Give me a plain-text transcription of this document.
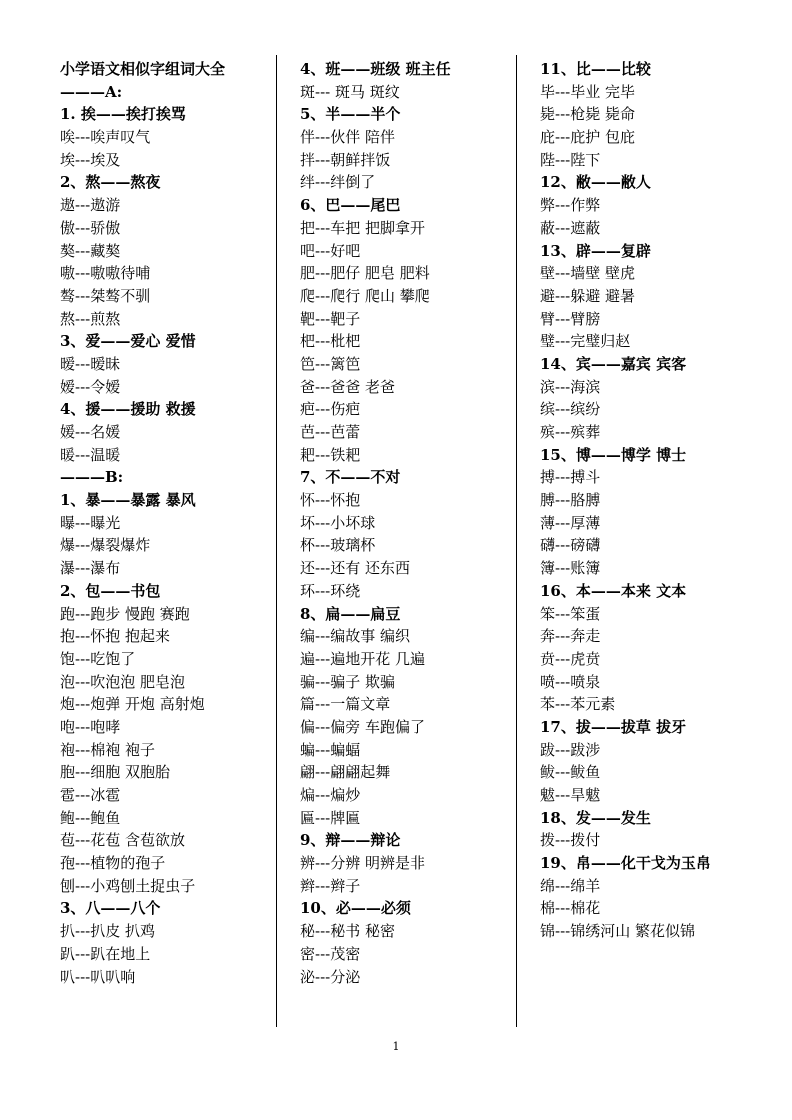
小学语文相似字组词大全
———A:
1. 挨——挨打挨骂
唉---唉声叹气
埃---埃及
2、熬——熬夜
遨---遨游
傲---骄傲
獒---藏獒
嗷---嗷嗷待哺
骜---桀骜不驯
熬---煎熬
3、爱——爱心 爱惜
暧---暧昧
嫒---令嫒
4、援——援助 救援
媛---名媛
暖---温暖
———B:
1、暴——暴露 暴风
曝---曝光
爆---爆裂爆炸
瀑---瀑布
2、包——书包
跑---跑步 慢跑 赛跑
抱---怀抱 抱起来
饱---吃饱了
泡---吹泡泡 肥皂泡
炮---炮弹 开炮 高射炮
咆---咆哮
袍---棉袍 袍子
胞---细胞 双胞胎
雹---冰雹
鲍---鲍鱼
苞---花苞 含苞欲放
孢---植物的孢子
刨---小鸡刨土捉虫子
3、八——八个
扒---扒皮 扒鸡
趴---趴在地上
叭---叭叭响
4、班——班级 班主任
斑--- 斑马 斑纹
5、半——半个
伴---伙伴 陪伴
拌---朝鲜拌饭
绊---绊倒了
6、巴——尾巴
把---车把 把脚拿开
吧---好吧
肥---肥仔 肥皂 肥料
爬---爬行 爬山 攀爬
靶---靶子
杷---枇杷
笆---篱笆
爸---爸爸 老爸
疤---伤疤
芭---芭蕾
耙---铁耙
7、不——不对
怀---怀抱
坏---小坏球
杯---玻璃杯
还---还有 还东西
环---环绕
8、扁——扁豆
编---编故事 编织
遍---遍地开花 几遍
骗---骗子 欺骗
篇---一篇文章
偏---偏旁 车跑偏了
蝙---蝙蝠
翩---翩翩起舞
煸---煸炒
匾---牌匾
9、辩——辩论
辨---分辨 明辨是非
辫---辫子
10、必——必须
秘---秘书 秘密
密---茂密
泌---分泌
11、比——比较
毕---毕业 完毕
毙---枪毙 毙命
庇---庇护 包庇
陛---陛下
12、敝——敝人
弊---作弊
蔽---遮蔽
13、辟——复辟
壁---墙壁 壁虎
避---躲避 避暑
臂---臂膀
璧---完璧归赵
14、宾——嘉宾 宾客
滨---海滨
缤---缤纷
殡---殡葬
15、博——博学 博士
搏---搏斗
膊---胳膊
薄---厚薄
礴---磅礴
簿---账簿
16、本——本来 文本
笨---笨蛋
奔---奔走
贲---虎贲
喷---喷泉
苯---苯元素
17、拔——拔草 拔牙
跋---跋涉
鲅---鲅鱼
魃---旱魃
18、发——发生
拨---拨付
19、帛——化干戈为玉帛
绵---绵羊
棉---棉花
锦---锦绣河山 繁花似锦
1
